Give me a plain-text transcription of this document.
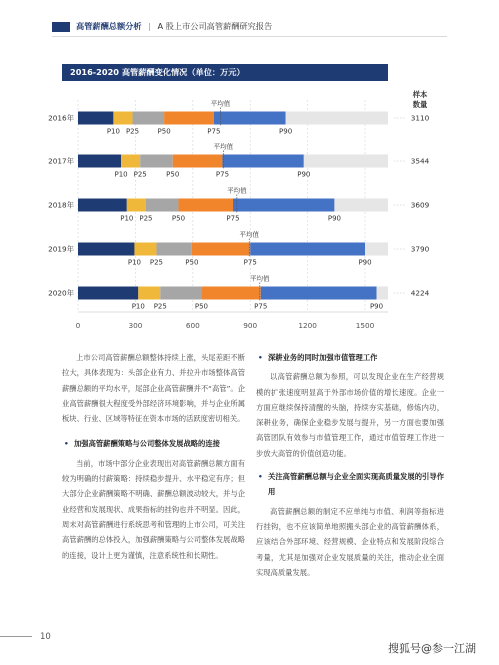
高管薪酬总额分析 | A 股上市公司高管薪酬研究报告
2016-2020 高管薪酬变化情况（单位：万元）
2016年
平均值
P10 P25	P50	P75	P90
3110
2017年
平均值
P10 P25	P50	P75	P90
3544
2018年
平均值
P10 P25	P50	P75	P90
3609
2019年
平均值
P10 P25	P50	P75	P90
3790
2020年
平均值
P10 P25	P50	P75	P90
4224
0	300	600	900	1200	1500
样本
数量

上市公司高管薪酬总额整体持续上涨，头尾差距不断拉大，具体表现为：头部企业有力、并拉升市场整体高管薪酬总额的平均水平，尾部企业高管薪酬并不“高管”。企业高管薪酬很大程度受外部经济环境影响，并与企业所属板块、行业、区域等特征在资本市场的活跃度密切相关。

• 加强高管薪酬策略与公司整体发展战略的连接

当前，市场中部分企业表现出对高管薪酬总额方面有较为明确的付薪策略：持续稳步提升、水平稳定有序；但大部分企业薪酬策略不明确、薪酬总额波动较大，并与企业经营和发展现状、成果指标的挂钩也并不明显。因此，周末对高管薪酬进行系统思考和管理的上市公司，可关注高管薪酬的总体投入，加强薪酬策略与公司整体发展战略的连接，设计上更为谨慎，注意系统性和长期性。

• 深耕业务的同时加强市值管理工作

以高管薪酬总额为参照，可以发现企业在生产经营规模的扩张速度明显高于外部市场价值的增长速度。企业一方面应继续保持清醒的头脑，持续夯实基础，修炼内功，深耕业务，确保企业稳步发展与提升，另一方面也要加强高管团队有效参与市值管理工作，通过市值管理工作进一步放大高管的价值创造功能。

• 关注高管薪酬总额与企业全面实现高质量发展的引导作用

高管薪酬总额的制定不应单纯与市值、利润等指标进行挂钩，也不应该简单地照搬头部企业的高管薪酬体系，应该结合外部环境、经营规模、企业特点和发展阶段综合考量，尤其是加强对企业发展质量的关注，推动企业全面实现高质量发展。

10
搜狐号@参一江湖
